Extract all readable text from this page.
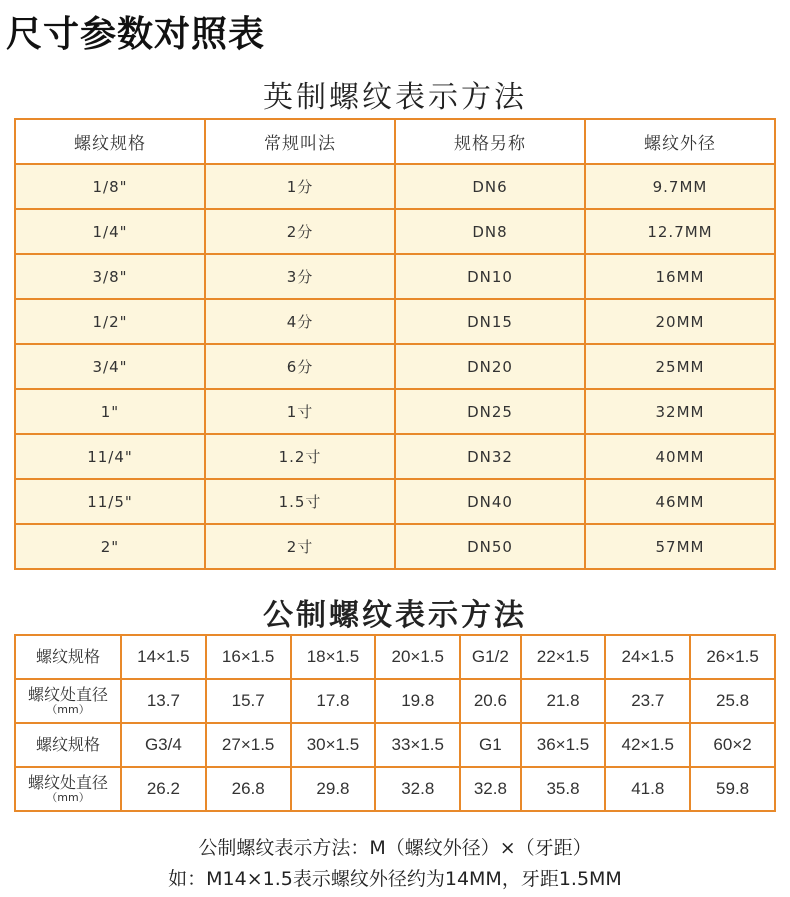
尺寸参数对照表
英制螺纹表示方法
螺纹规格	常规叫法	规格另称	螺纹外径
1/8"	1分	DN6	9.7MM
1/4"	2分	DN8	12.7MM
3/8"	3分	DN10	16MM
1/2"	4分	DN15	20MM
3/4"	6分	DN20	25MM
1"	1寸	DN25	32MM
11/4"	1.2寸	DN32	40MM
11/5"	1.5寸	DN40	46MM
2"	2寸	DN50	57MM
公制螺纹表示方法
螺纹规格	14×1.5	16×1.5	18×1.5	20×1.5	G1/2	22×1.5	24×1.5	26×1.5
螺纹处直径
（mm）	13.7	15.7	17.8	19.8	20.6	21.8	23.7	25.8
螺纹规格	G3/4	27×1.5	30×1.5	33×1.5	G1	36×1.5	42×1.5	60×2
螺纹处直径
（mm）	26.2	26.8	29.8	32.8	32.8	35.8	41.8	59.8
公制螺纹表示方法：M（螺纹外径）×（牙距）
如：M14×1.5表示螺纹外径约为14MM，牙距1.5MM
